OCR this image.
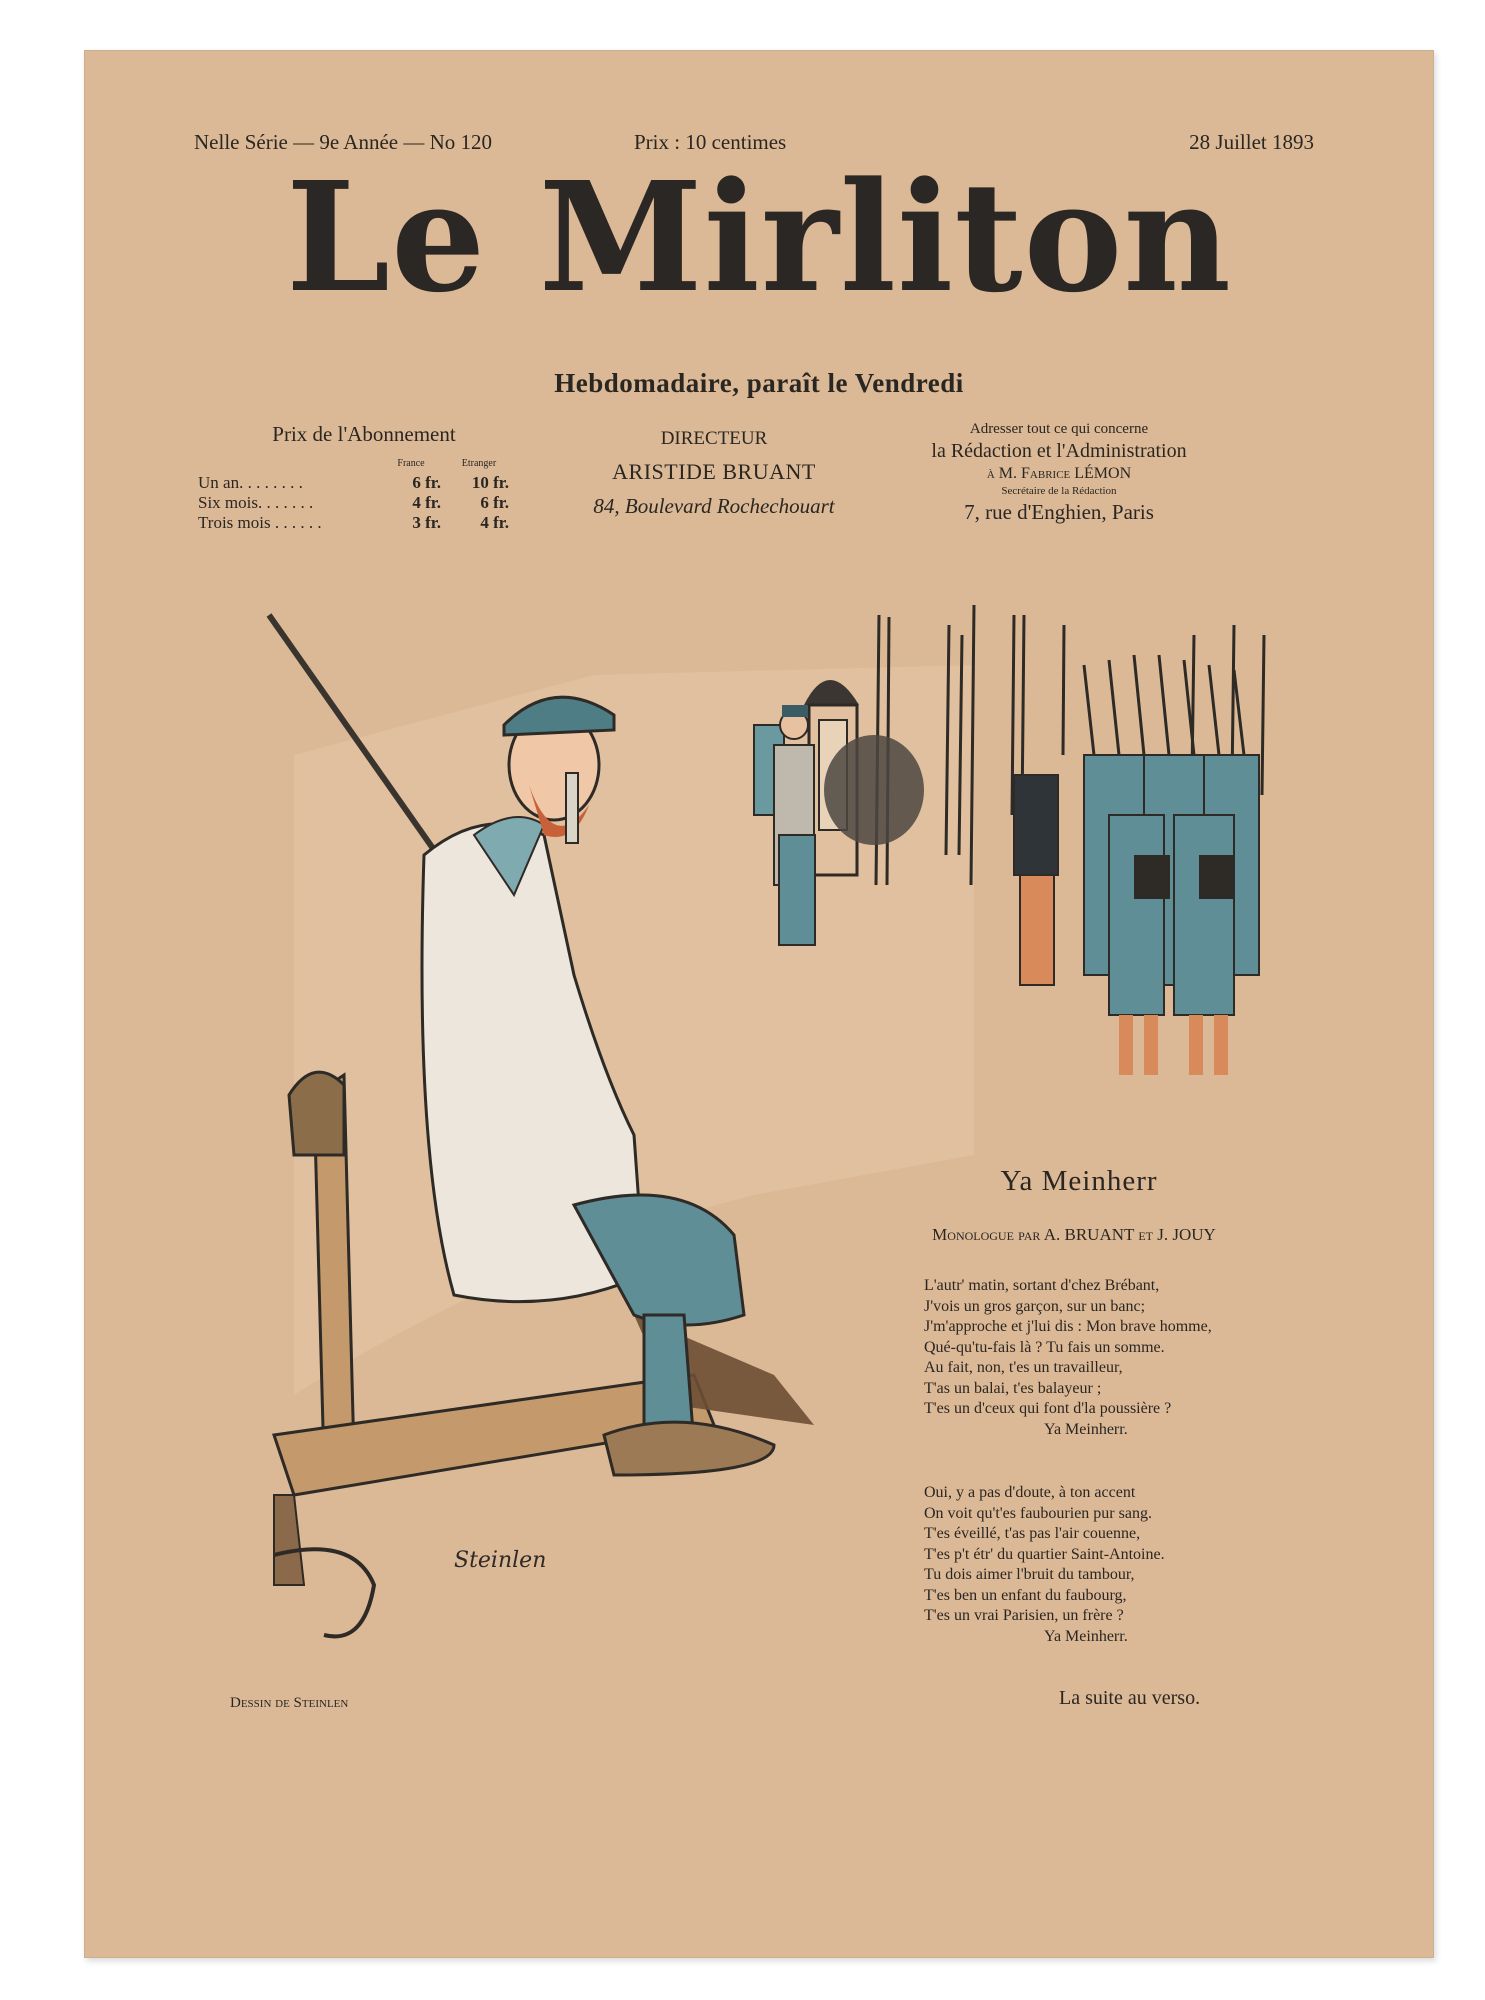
Nelle Série — 9e Année — No 120	Prix : 10 centimes	28 Juillet 1893
Le Mirliton
Hebdomadaire, paraît le Vendredi
Prix de l'Abonnement
	France	Etranger
Un an. . . . . . . .	6 fr.	10 fr.
Six mois. . . . . . .	4 fr.	6 fr.
Trois mois . . . . . .	3 fr.	4 fr.
DIRECTEUR
ARISTIDE BRUANT
84, Boulevard Rochechouart
Adresser tout ce qui concerne
la Rédaction et l'Administration
à M. Fabrice LÉMON
Secrétaire de la Rédaction
7, rue d'Enghien, Paris
Steinlen
Ya Meinherr
Monologue par A. BRUANT et J. JOUY
L'autr' matin, sortant d'chez Brébant,
J'vois un gros garçon, sur un banc;
J'm'approche et j'lui dis : Mon brave homme,
Qué-qu'tu-fais là ? Tu fais un somme.
Au fait, non, t'es un travailleur,
T'as un balai, t'es balayeur ;
T'es un d'ceux qui font d'la poussière ?
Ya Meinherr.
Oui, y a pas d'doute, à ton accent
On voit qu't'es faubourien pur sang.
T'es éveillé, t'as pas l'air couenne,
T'es p't étr' du quartier Saint-Antoine.
Tu dois aimer l'bruit du tambour,
T'es ben un enfant du faubourg,
T'es un vrai Parisien, un frère ?
Ya Meinherr.
La suite au verso.
Dessin de Steinlen
